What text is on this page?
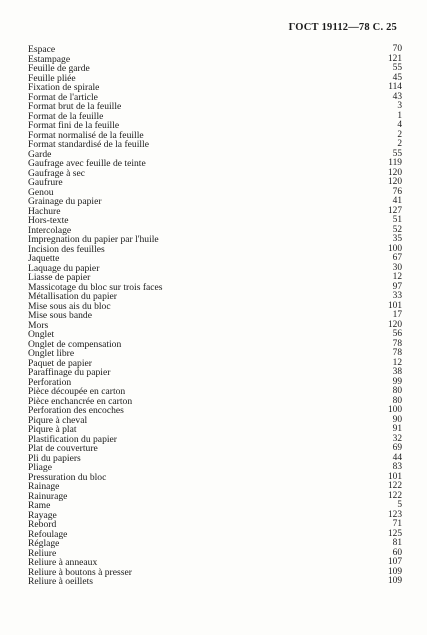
ГОСТ 19112—78 С. 25
Espace	70
Estampage	121
Feuille de garde	55
Feuille pliée	45
Fixation de spirale	114
Format de l'article	43
Format brut de la feuille	3
Format de la feuille	1
Format fini de la feuille	4
Format normalisé de la feuille	2
Format standardisé de la feuille	2
Garde	55
Gaufrage avec feuille de teinte	119
Gaufrage à sec	120
Gaufrure	120
Genou	76
Grainage du papier	41
Hachure	127
Hors-texte	51
Intercolage	52
Impregnation du papier par l'huile	35
Incision des feuilles	100
Jaquette	67
Laquage du papier	30
Liasse de papier	12
Massicotage du bloc sur trois faces	97
Métallisation du papier	33
Mise sous ais du bloc	101
Mise sous bande	17
Mors	120
Onglet	56
Onglet de compensation	78
Onglet libre	78
Paquet de papier	12
Paraffinage du papier	38
Perforation	99
Pièce découpée en carton	80
Pièce enchancrée en carton	80
Perforation des encoches	100
Piqure à cheval	90
Piqure à plat	91
Plastification du papier	32
Plat de couverture	69
Pli du papiers	44
Pliage	83
Pressuration du bloc	101
Rainage	122
Rainurage	122
Rame	5
Rayage	123
Rebord	71
Refoulage	125
Réglage	81
Reliure	60
Reliure à anneaux	107
Reliure à boutons à presser	109
Reliure à oeillets	109
